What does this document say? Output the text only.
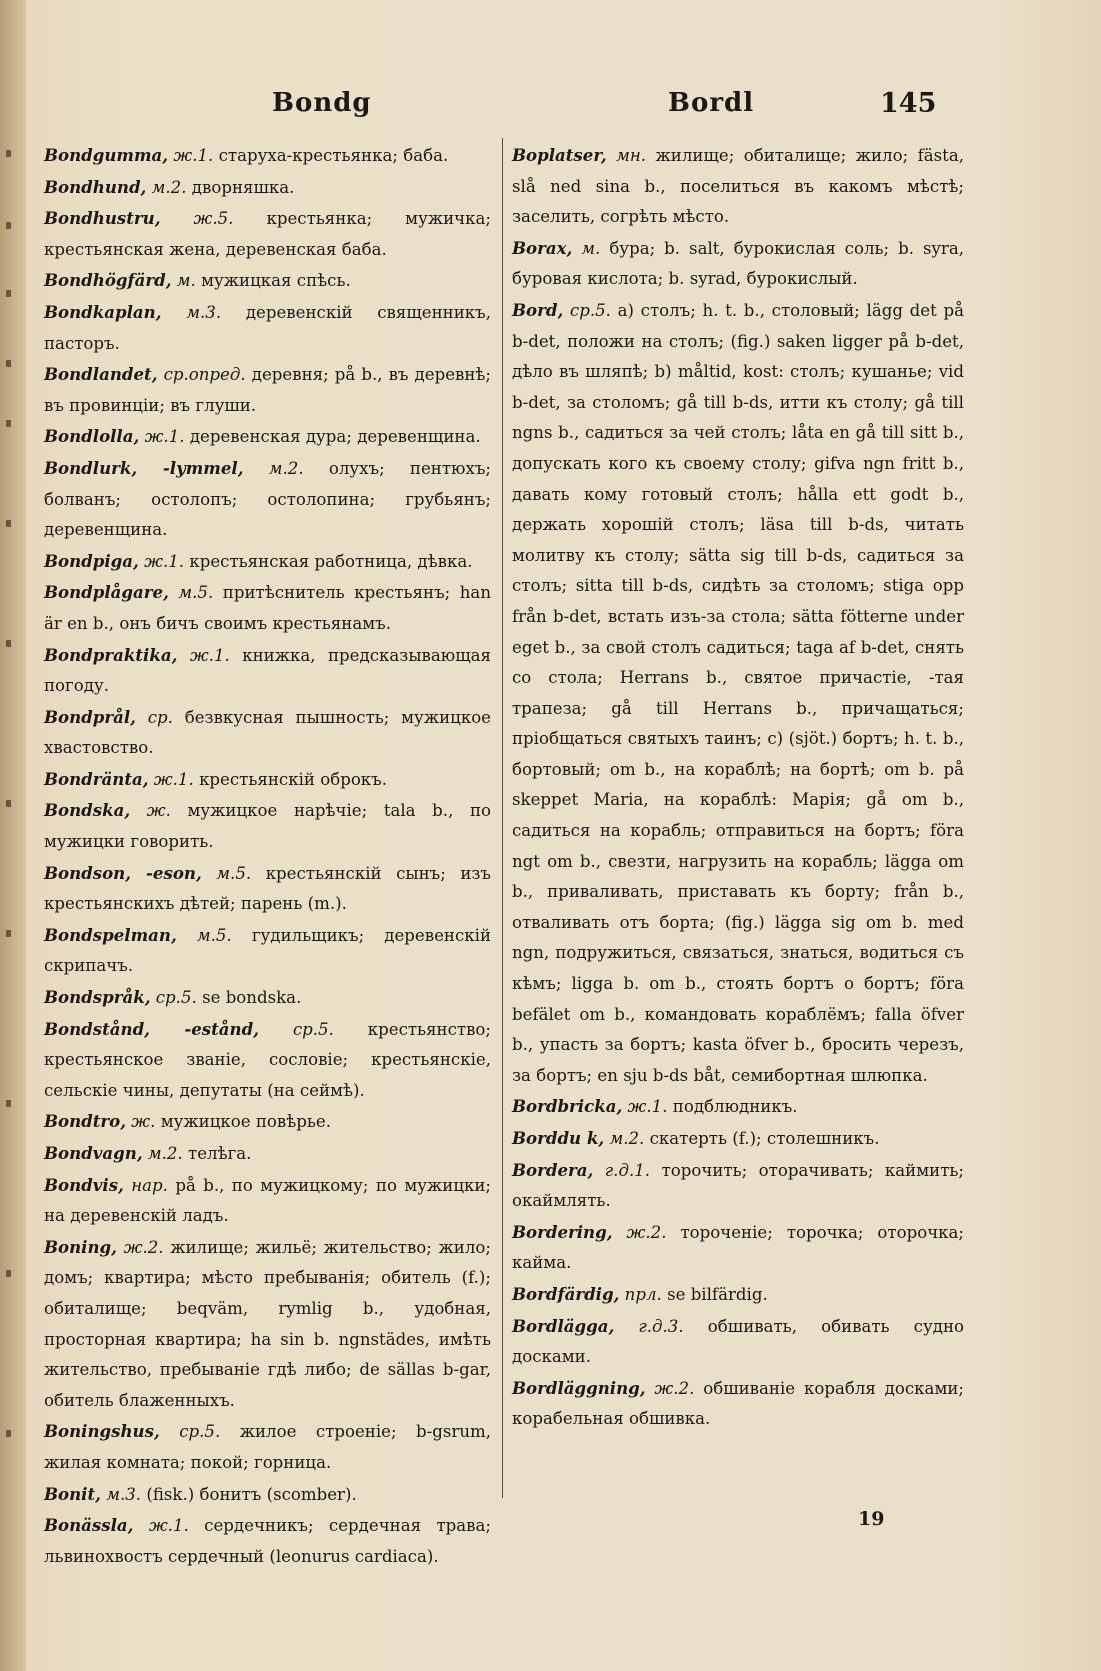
Bondg	Bordl	145

Bondgumma, ж.1. старуха-крестьянка; баба.

Bondhund, м.2. дворняшка.

Bondhustru, ж.5. крестьянка; мужичка; крестьянская жена, деревенская баба.

Bondhögfärd, м. мужицкая спѣсь.

Bondkaplan, м.3. деревенскій священникъ, пасторъ.

Bondlandet, ср.опред. деревня; på b., въ деревнѣ; въ провинціи; въ глуши.

Bondlolla, ж.1. деревенская дура; деревенщина.

Bondlurk, -lymmel, м.2. олухъ; пентюхъ; болванъ; остолопъ; остолопина; грубьянъ; деревенщина.

Bondpiga, ж.1. крестьянская работница, дѣвка.

Bondplågare, м.5. притѣснитель крестьянъ; han är en b., онъ бичъ своимъ крестьянамъ.

Bondpraktika, ж.1. книжка, предсказывающая погоду.

Bondprål, ср. безвкусная пышность; мужицкое хвастовство.

Bondränta, ж.1. крестьянскій оброкъ.

Bondska, ж. мужицкое нарѣчіе; tala b., по мужицки говорить.

Bondson, -eson, м.5. крестьянскій сынъ; изъ крестьянскихъ дѣтей; парень (m.).

Bondspelman, м.5. гудильщикъ; деревенскій скрипачъ.

Bondspråk, ср.5. se bondska.

Bondstånd, -estånd, ср.5. крестьянство; крестьянское званіе, сословіе; крестьянскіе, сельскіе чины, депутаты (на сеймѣ).

Bondtro, ж. мужицкое повѣрье.

Bondvagn, м.2. телѣга.

Bondvis, нар. på b., по мужицкому; по мужицки; на деревенскій ладъ.

Boning, ж.2. жилище; жильё; жительство; жило; домъ; квартира; мѣсто пребыванія; обитель (f.); обиталище; beqväm, rymlig b., удобная, просторная квартира; ha sin b. ngnstädes, имѣть жительство, пребываніе гдѣ либо; de sällas b-gar, обитель блаженныхъ.

Boningshus, ср.5. жилое строеніе; b-gsrum, жилая комната; покой; горница.

Bonit, м.3. (fisk.) бонитъ (scomber).

Bonässla, ж.1. сердечникъ; сердечная трава; львинохвостъ сердечный (leonurus cardiaca).

Boplatser, мн. жилище; обиталище; жило; fästa, slå ned sina b., поселиться въ какомъ мѣстѣ; заселить, согрѣть мѣсто.

Borax, м. бура; b. salt, бурокислая соль; b. syra, буровая кислота; b. syrad, бурокислый.

Bord, ср.5. a) столъ; h. t. b., столовый; lägg det på b-det, положи на столъ; (fig.) saken ligger på b-det, дѣло въ шляпѣ; b) måltid, kost: столъ; кушанье; vid b-det, за столомъ; gå till b-ds, итти къ столу; gå till ngns b., садиться за чей столъ; låta en gå till sitt b., допускать кого къ своему столу; gifva ngn fritt b., давать кому готовый столъ; hålla ett godt b., держать хорошій столъ; läsa till b-ds, читать молитву къ столу; sätta sig till b-ds, садиться за столъ; sitta till b-ds, сидѣть за столомъ; stiga opp från b-det, встать изъ-за стола; sätta fötterne under eget b., за свой столъ садиться; taga af b-det, снять со стола; Herrans b., святое причастіе, -тая трапеза; gå till Herrans b., причащаться; пріобщаться святыхъ таинъ; c) (sjöt.) бортъ; h. t. b., бортовый; om b., на кораблѣ; на бортѣ; om b. på skeppet Maria, на кораблѣ: Марія; gå om b., садиться на корабль; отправиться на бортъ; föra ngt om b., свезти, нагрузить на корабль; lägga om b., приваливать, приставать къ борту; från b., отваливать отъ борта; (fig.) lägga sig om b. med ngn, подружиться, связаться, знаться, водиться съ кѣмъ; ligga b. om b., стоять бортъ о бортъ; föra befälet om b., командовать кораблёмъ; falla öfver b., упасть за бортъ; kasta öfver b., бросить черезъ, за бортъ; en sju b-ds båt, семибортная шлюпка.

Bordbricka, ж.1. подблюдникъ.

Borddu k, м.2. скатерть (f.); столешникъ.

Bordera, г.д.1. торочить; оторачивать; каймить; окаймлять.

Bordering, ж.2. тороченіе; торочка; оторочка; кайма.

Bordfärdig, прл. se bilfärdig.

Bordlägga, г.д.3. обшивать, обивать судно досками.

Bordläggning, ж.2. обшиваніе корабля досками; корабельная обшивка.

19
